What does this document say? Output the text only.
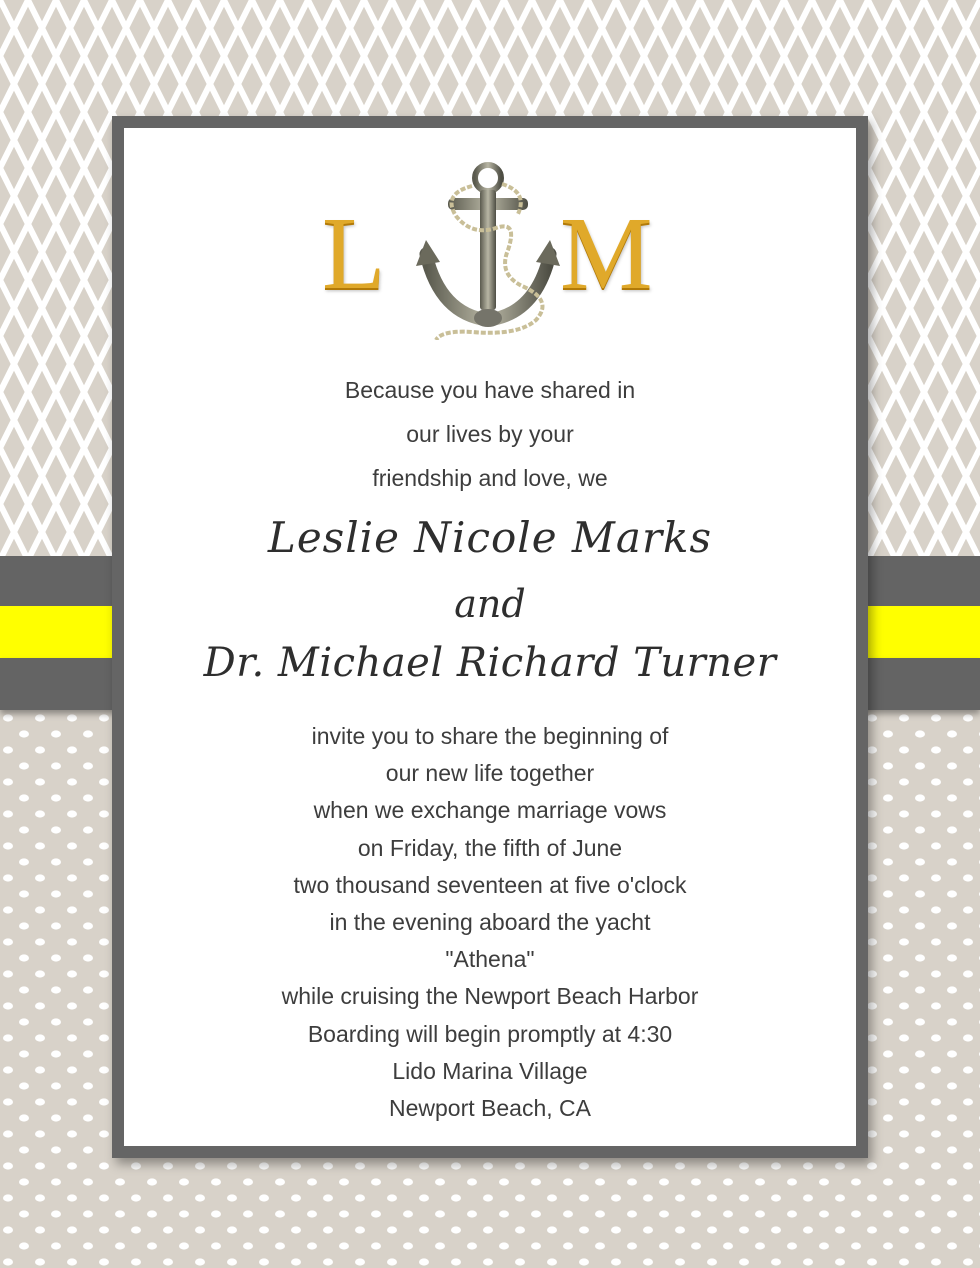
L M
Because you have shared in
our lives by your
friendship and love, we
Leslie Nicole Marks
and
Dr. Michael Richard Turner
invite you to share the beginning of
our new life together
when we exchange marriage vows
on Friday, the fifth of June
two thousand seventeen at five o'clock
in the evening aboard the yacht
"Athena"
while cruising the Newport Beach Harbor
Boarding will begin promptly at 4:30
Lido Marina Village
Newport Beach, CA
